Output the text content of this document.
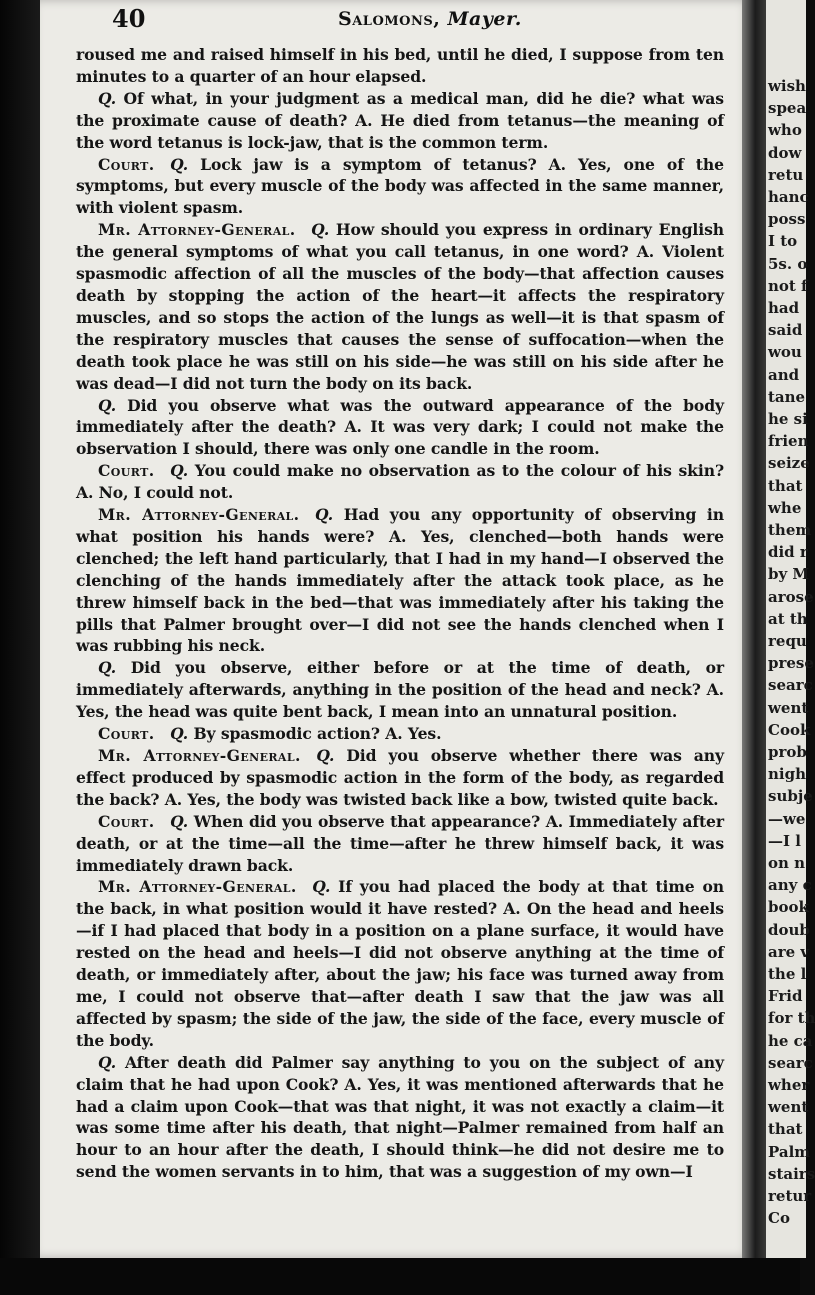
40	Salomons, Mayer.

roused me and raised himself in his bed, until he died, I suppose from ten minutes to a quarter of an hour elapsed.

Q. Of what, in your judgment as a medical man, did he die? what was the proximate cause of death? A. He died from tetanus—the meaning of the word tetanus is lock-jaw, that is the common term.

Court.  Q. Lock jaw is a symptom of tetanus? A. Yes, one of the symptoms, but every muscle of the body was affected in the same manner, with violent spasm.

Mr. Attorney-General.  Q. How should you express in ordinary English the general symptoms of what you call tetanus, in one word? A. Violent spasmodic affection of all the muscles of the body—that affection causes death by stopping the action of the heart—it affects the respiratory muscles, and so stops the action of the lungs as well—it is that spasm of the respiratory muscles that causes the sense of suffocation—when the death took place he was still on his side—he was still on his side after he was dead—I did not turn the body on its back.

Q. Did you observe what was the outward appearance of the body immediately after the death? A. It was very dark; I could not make the observation I should, there was only one candle in the room.

Court.  Q. You could make no observation as to the colour of his skin? A. No, I could not.

Mr. Attorney-General.  Q. Had you any opportunity of observing in what position his hands were? A. Yes, clenched—both hands were clenched; the left hand particularly, that I had in my hand—I observed the clenching of the hands immediately after the attack took place, as he threw himself back in the bed—that was immediately after his taking the pills that Palmer brought over—I did not see the hands clenched when I was rubbing his neck.

Q. Did you observe, either before or at the time of death, or immediately afterwards, anything in the position of the head and neck? A. Yes, the head was quite bent back, I mean into an unnatural position.

Court.  Q. By spasmodic action? A. Yes.

Mr. Attorney-General.  Q. Did you observe whether there was any effect produced by spasmodic action in the form of the body, as regarded the back? A. Yes, the body was twisted back like a bow, twisted quite back.

Court.  Q. When did you observe that appearance? A. Immediately after death, or at the time—all the time—after he threw himself back, it was immediately drawn back.

Mr. Attorney-General.  Q. If you had placed the body at that time on the back, in what position would it have rested? A. On the head and heels—if I had placed that body in a position on a plane surface, it would have rested on the head and heels—I did not observe anything at the time of death, or immediately after, about the jaw; his face was turned away from me, I could not observe that—after death I saw that the jaw was all affected by spasm; the side of the jaw, the side of the face, every muscle of the body.

Q. After death did Palmer say anything to you on the subject of any claim that he had upon Cook? A. Yes, it was mentioned afterwards that he had a claim upon Cook—that was that night, it was not exactly a claim—it was some time after his death, that night—Palmer remained from half an hour to an hour after the death, I should think—he did not desire me to send the women servants in to him, that was a suggestion of my own—I

wish
spea
who
dow
retu
hanc
poss
I to
5s. o
not f
had
said
wou
and
tane
he si
frien
seize
that
whe
them
did r
by M
arose
at th
requ
prese
searc
went
Cook
prob
nigh
subje
—we
—I l
on n
any c
book
doub
are v
the l
Frid
for th
he ca
searc
wher
went
that
Palm
stairs
retur
Co
